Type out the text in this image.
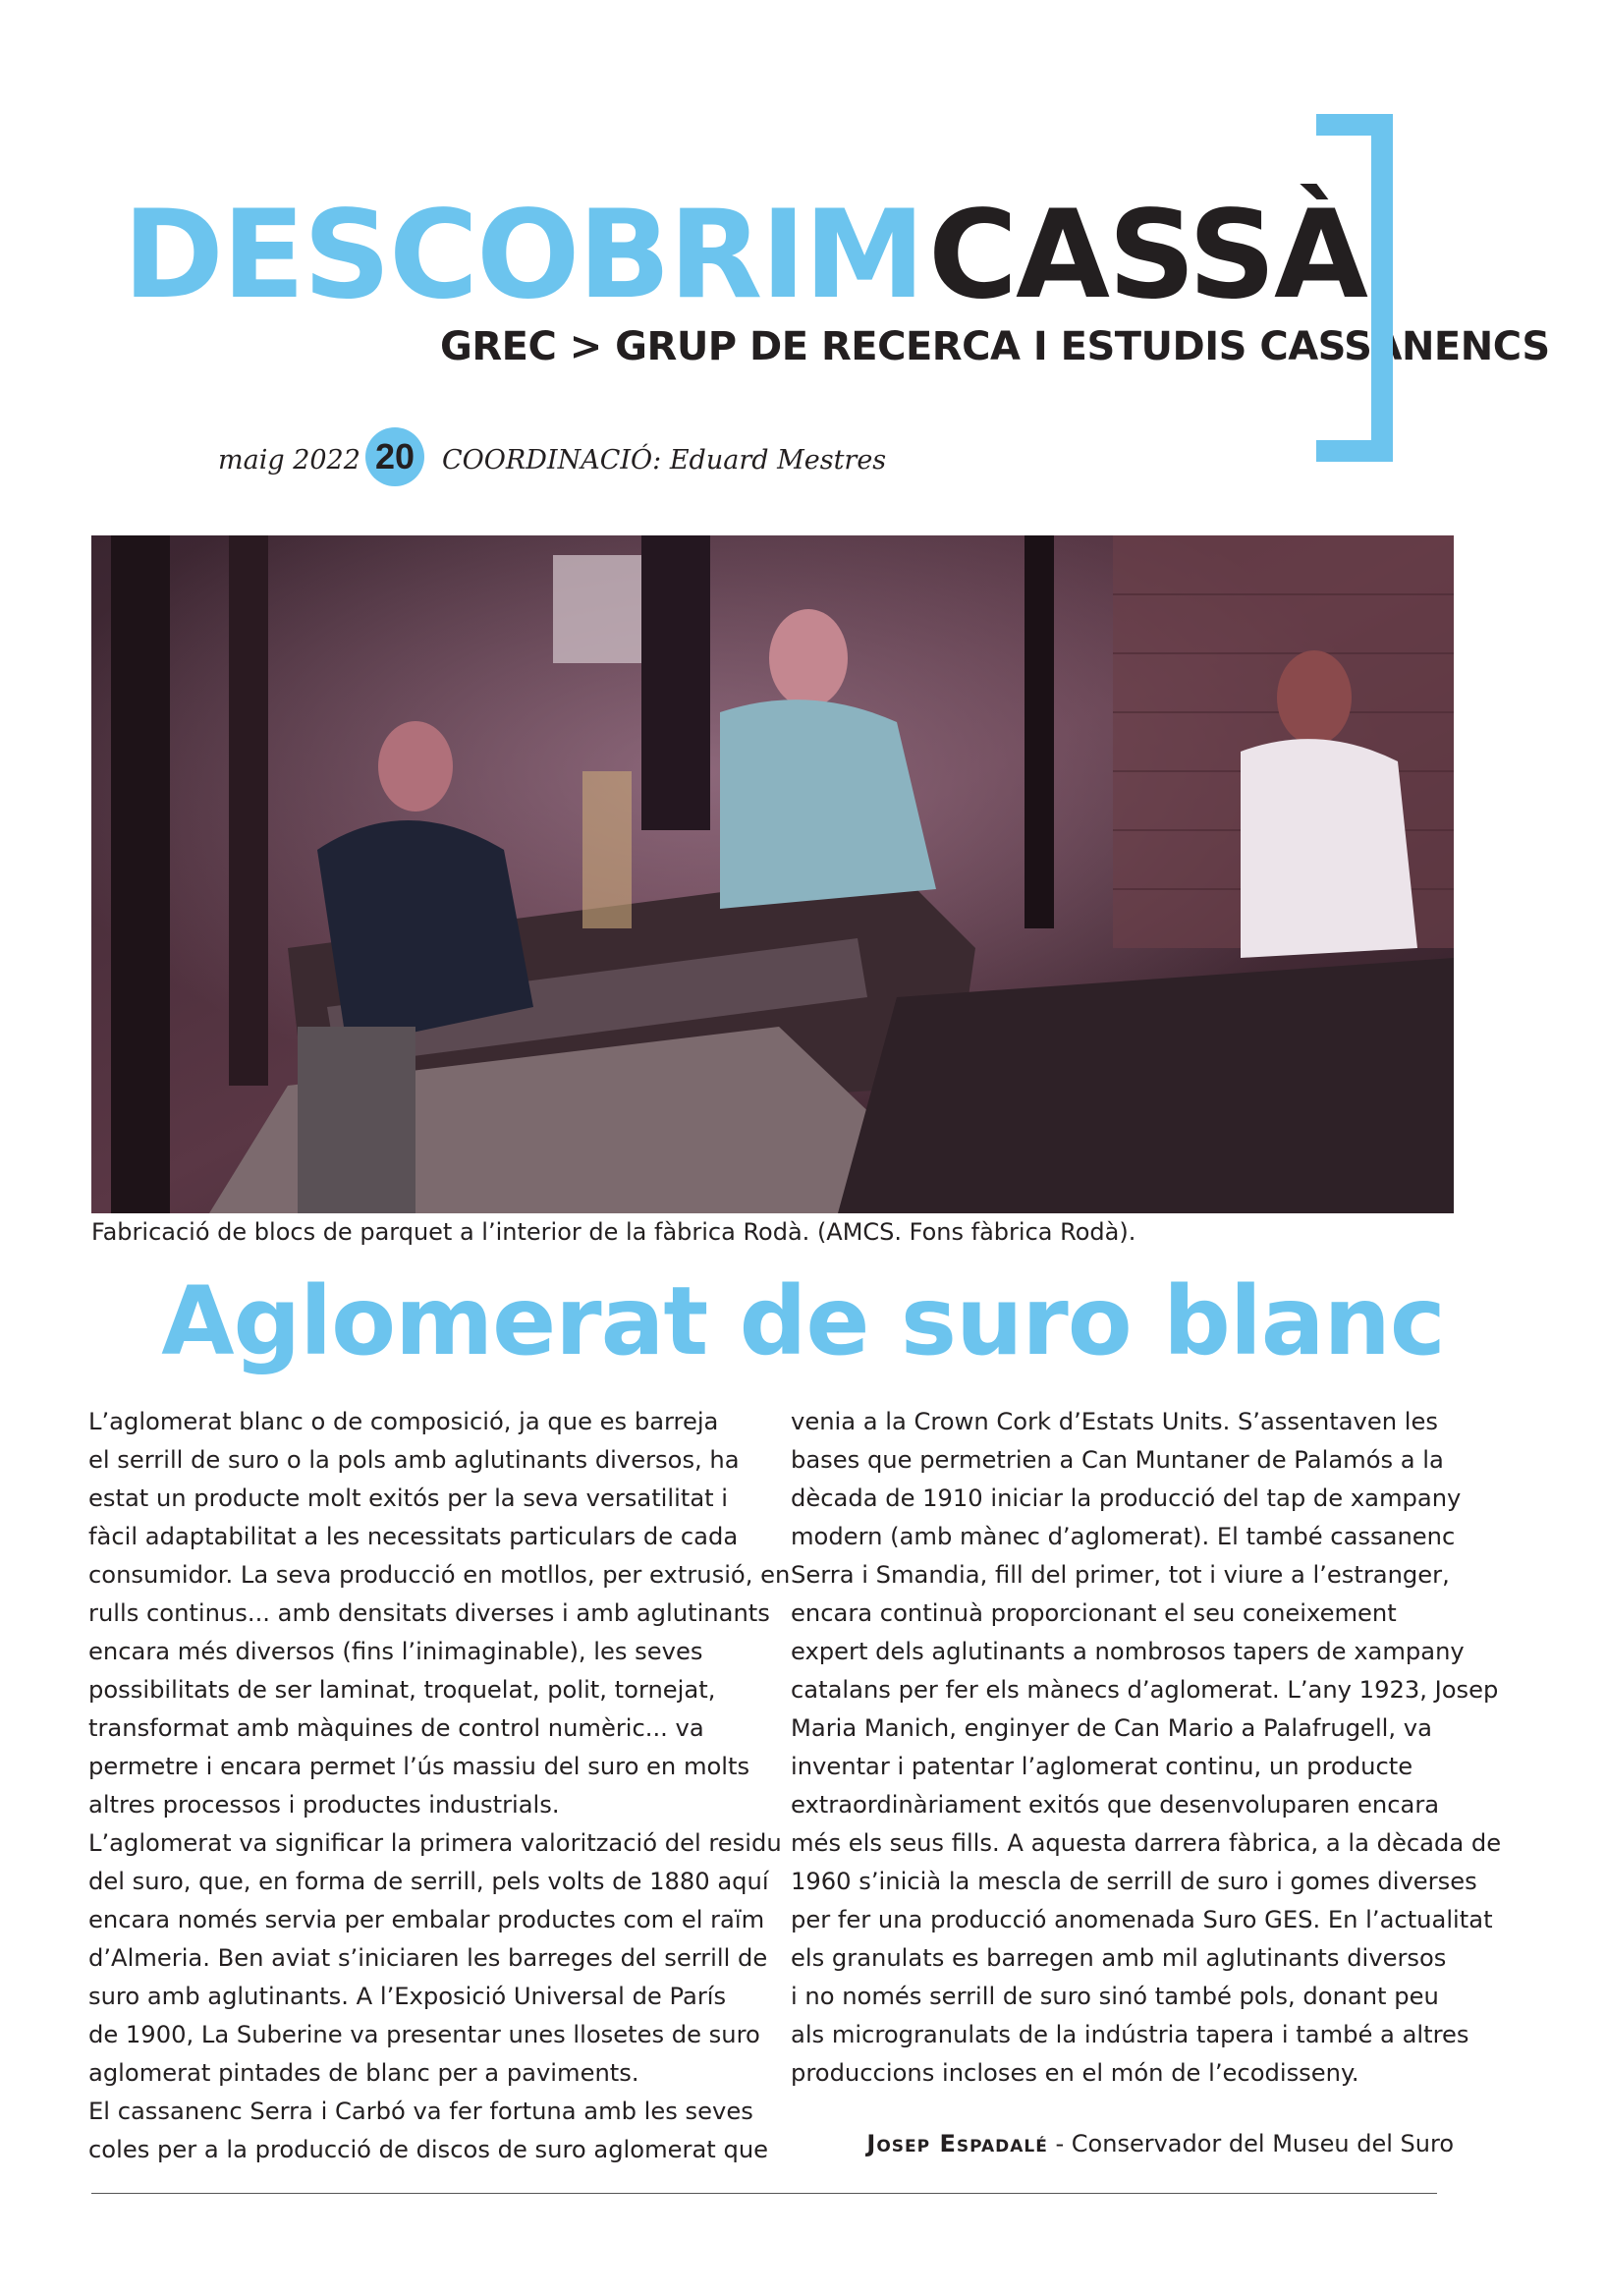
DESCOBRIM CASSÀ
GREC > GRUP DE RECERCA I ESTUDIS CASSANENCS
maig 2022 20	COORDINACIÓ: Eduard Mestres
Fabricació de blocs de parquet a l’interior de la fàbrica Rodà. (AMCS. Fons fàbrica Rodà).
Aglomerat de suro blanc
L’aglomerat blanc o de composició, ja que es barreja
el serrill de suro o la pols amb aglutinants diversos, ha
estat un producte molt exitós per la seva versatilitat i
fàcil adaptabilitat a les necessitats particulars de cada
consumidor. La seva producció en motllos, per extrusió, en
rulls continus... amb densitats diverses i amb aglutinants
encara més diversos (fins l’inimaginable), les seves
possibilitats de ser laminat, troquelat, polit, tornejat,
transformat amb màquines de control numèric... va
permetre i encara permet l’ús massiu del suro en molts
altres processos i productes industrials.
L’aglomerat va significar la primera valorització del residu
del suro, que, en forma de serrill, pels volts de 1880 aquí
encara només servia per embalar productes com el raïm
d’Almeria. Ben aviat s’iniciaren les barreges del serrill de
suro amb aglutinants. A l’Exposició Universal de París
de 1900, La Suberine va presentar unes llosetes de suro
aglomerat pintades de blanc per a paviments.
El cassanenc Serra i Carbó va fer fortuna amb les seves
coles per a la producció de discos de suro aglomerat que
venia a la Crown Cork d’Estats Units. S’assentaven les
bases que permetrien a Can Muntaner de Palamós a la
dècada de 1910 iniciar la producció del tap de xampany
modern (amb mànec d’aglomerat). El també cassanenc
Serra i Smandia, fill del primer, tot i viure a l’estranger,
encara continuà proporcionant el seu coneixement
expert dels aglutinants a nombrosos tapers de xampany
catalans per fer els mànecs d’aglomerat. L’any 1923, Josep
Maria Manich, enginyer de Can Mario a Palafrugell, va
inventar i patentar l’aglomerat continu, un producte
extraordinàriament exitós que desenvoluparen encara
més els seus fills. A aquesta darrera fàbrica, a la dècada de
1960 s’inicià la mescla de serrill de suro i gomes diverses
per fer una producció anomenada Suro GES. En l’actualitat
els granulats es barregen amb mil aglutinants diversos
i no només serrill de suro sinó també pols, donant peu
als microgranulats de la indústria tapera i també a altres
produccions incloses en el món de l’ecodisseny.
Josep Espadalé - Conservador del Museu del Suro
